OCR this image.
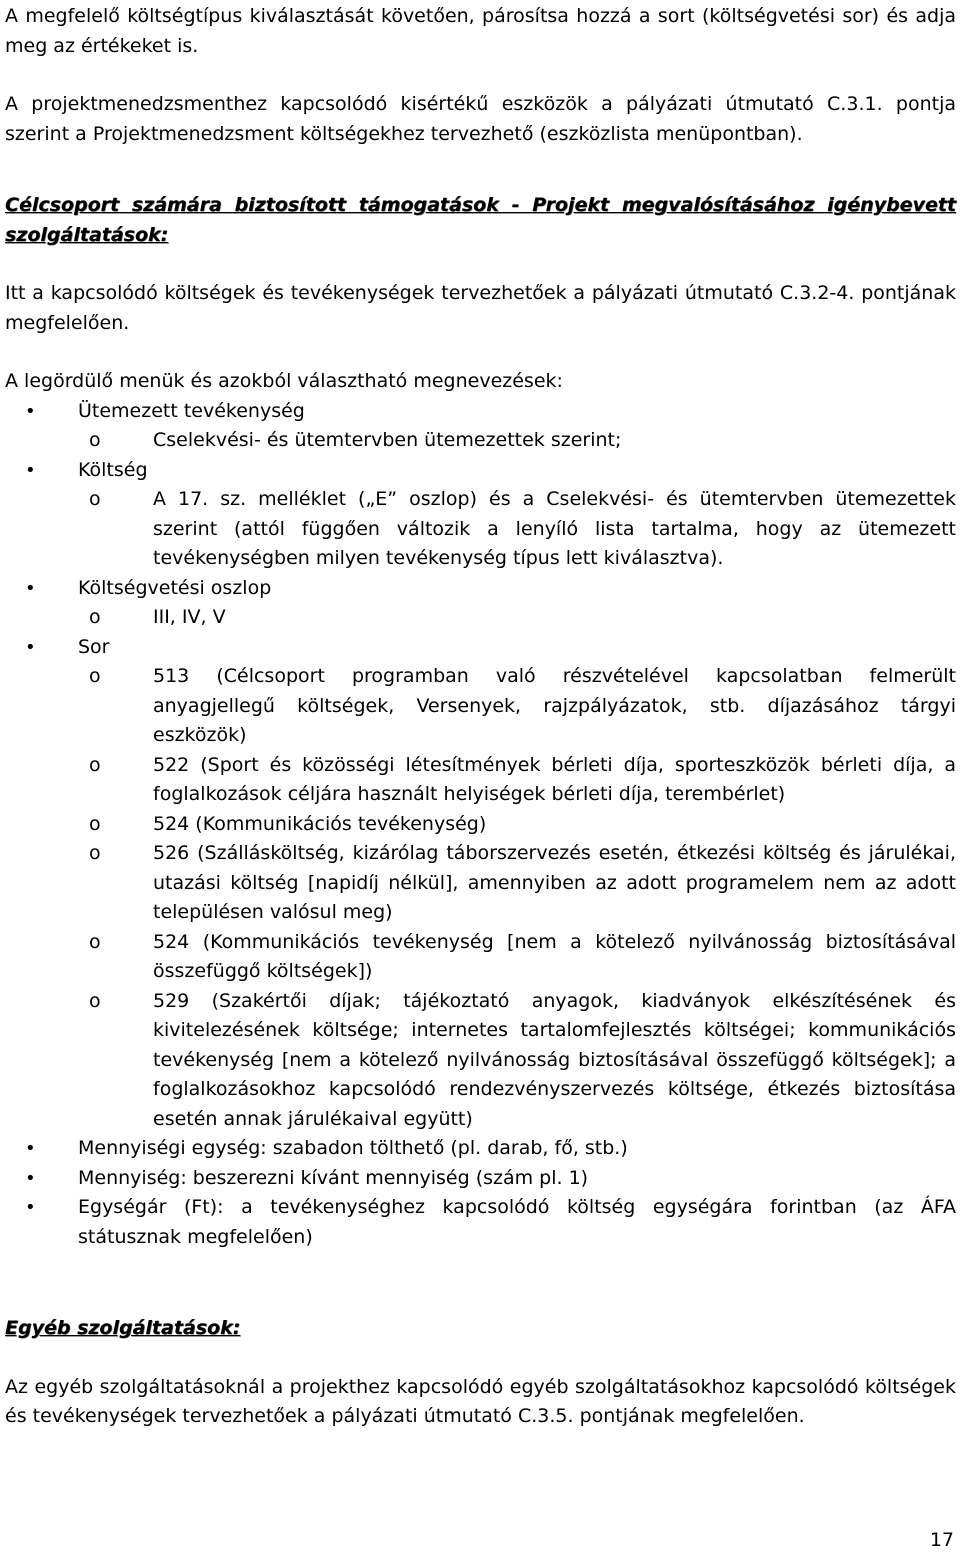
A megfelelő költségtípus kiválasztását követően, párosítsa hozzá a sort (költségvetési sor) és adja meg az értékeket is.

A projektmenedzsmenthez kapcsolódó kisértékű eszközök a pályázati útmutató C.3.1. pontja szerint a Projektmenedzsment költségekhez tervezhető (eszközlista menüpontban).

Célcsoport számára biztosított támogatások - Projekt megvalósításához igénybevett szolgáltatások:

Itt a kapcsolódó költségek és tevékenységek tervezhetőek a pályázati útmutató C.3.2-4. pontjának megfelelően.

A legördülő menük és azokból választható megnevezések:

• Ütemezett tevékenység
o	Cselekvési- és ütemtervben ütemezettek szerint;
• Költség
o	A 17. sz. melléklet („E” oszlop) és a Cselekvési- és ütemtervben ütemezettek szerint (attól függően változik a lenyíló lista tartalma, hogy az ütemezett tevékenységben milyen tevékenység típus lett kiválasztva).
• Költségvetési oszlop
o	III, IV, V
• Sor
o	513 (Célcsoport programban való részvételével kapcsolatban felmerült anyagjellegű költségek, Versenyek, rajzpályázatok, stb. díjazásához tárgyi eszközök)
o	522 (Sport és közösségi létesítmények bérleti díja, sporteszközök bérleti díja, a foglalkozások céljára használt helyiségek bérleti díja, terembérlet)
o	524 (Kommunikációs tevékenység)
o	526 (Szállásköltség, kizárólag táborszervezés esetén, étkezési költség és járulékai, utazási költség [napidíj nélkül], amennyiben az adott programelem nem az adott településen valósul meg)
o	524 (Kommunikációs tevékenység [nem a kötelező nyilvánosság biztosításával összefüggő költségek])
o	529 (Szakértői díjak; tájékoztató anyagok, kiadványok elkészítésének és kivitelezésének költsége; internetes tartalomfejlesztés költségei; kommunikációs tevékenység [nem a kötelező nyilvánosság biztosításával összefüggő költségek]; a foglalkozásokhoz kapcsolódó rendezvényszervezés költsége, étkezés biztosítása esetén annak járulékaival együtt)
• Mennyiségi egység: szabadon tölthető (pl. darab, fő, stb.)
• Mennyiség: beszerezni kívánt mennyiség (szám pl. 1)
• Egységár (Ft): a tevékenységhez kapcsolódó költség egységára forintban (az ÁFA státusznak megfelelően)

Egyéb szolgáltatások:

Az egyéb szolgáltatásoknál a projekthez kapcsolódó egyéb szolgáltatásokhoz kapcsolódó költségek és tevékenységek tervezhetőek a pályázati útmutató C.3.5. pontjának megfelelően.

17
